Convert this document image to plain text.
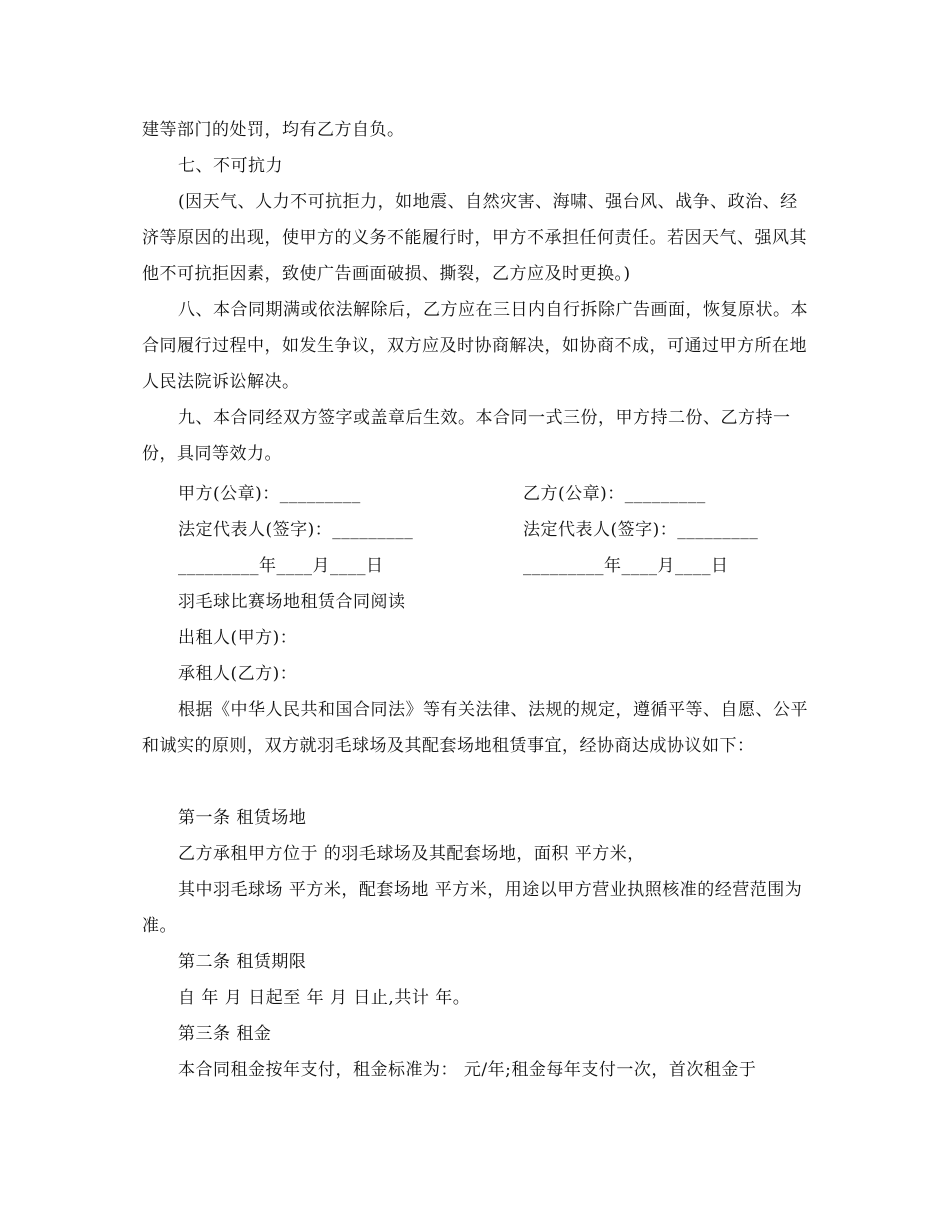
建等部门的处罚，均有乙方自负。
七、不可抗力
(因天气、人力不可抗拒力，如地震、自然灾害、海啸、强台风、战争、政治、经济等原因的出现，使甲方的义务不能履行时，甲方不承担任何责任。若因天气、强风其他不可抗拒因素，致使广告画面破损、撕裂，乙方应及时更换。)
八、本合同期满或依法解除后，乙方应在三日内自行拆除广告画面，恢复原状。本合同履行过程中，如发生争议，双方应及时协商解决，如协商不成，可通过甲方所在地人民法院诉讼解决。
九、本合同经双方签字或盖章后生效。本合同一式三份，甲方持二份、乙方持一份，具同等效力。
甲方(公章)：_________	乙方(公章)：_________
法定代表人(签字)：_________	法定代表人(签字)：_________
_________年____月____日	_________年____月____日
羽毛球比赛场地租赁合同阅读
出租人(甲方)：
承租人(乙方)：
根据《中华人民共和国合同法》等有关法律、法规的规定，遵循平等、自愿、公平和诚实的原则，双方就羽毛球场及其配套场地租赁事宜，经协商达成协议如下：
第一条 租赁场地
乙方承租甲方位于 的羽毛球场及其配套场地，面积 平方米，
其中羽毛球场 平方米，配套场地 平方米，用途以甲方营业执照核准的经营范围为准。
第二条 租赁期限
自 年 月 日起至 年 月 日止,共计 年。
第三条 租金
本合同租金按年支付，租金标准为： 元/年;租金每年支付一次，首次租金于
